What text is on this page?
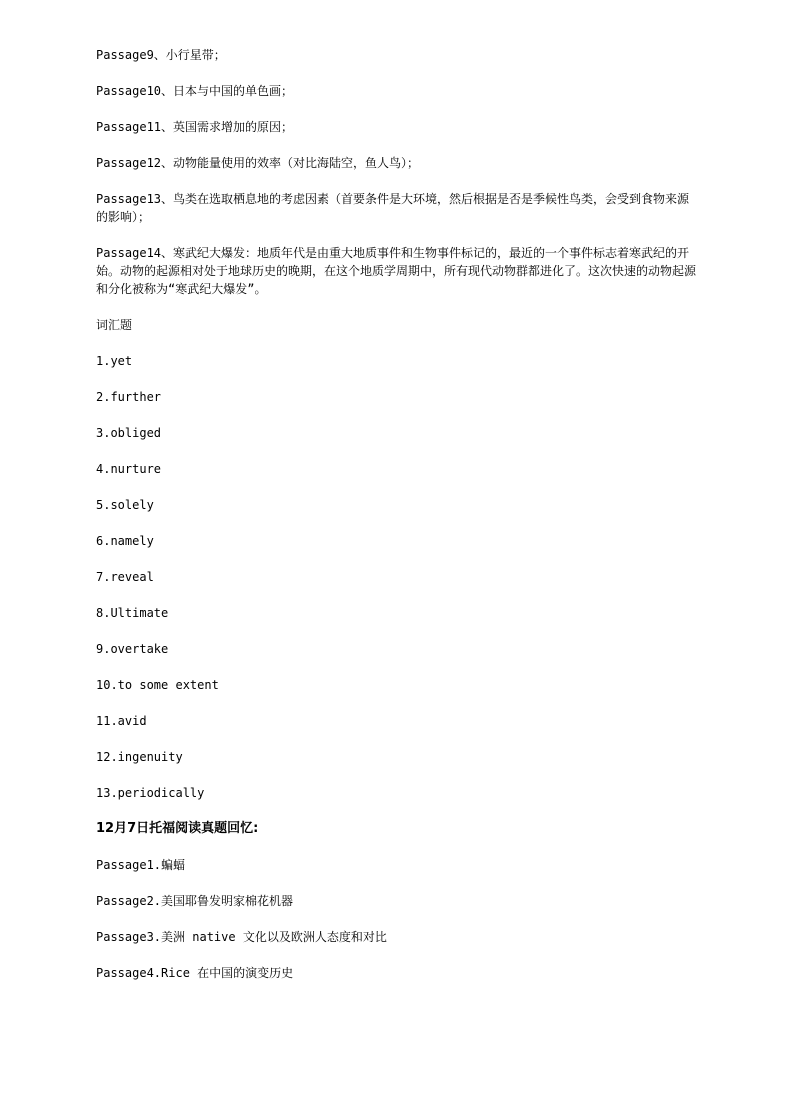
Passage9、小行星带；

Passage10、日本与中国的单色画；

Passage11、英国需求增加的原因；

Passage12、动物能量使用的效率（对比海陆空，鱼人鸟）；

Passage13、鸟类在选取栖息地的考虑因素（首要条件是大环境，然后根据是否是季候性鸟类，会受到食物来源的影响）；

Passage14、寒武纪大爆发：地质年代是由重大地质事件和生物事件标记的，最近的一个事件标志着寒武纪的开始。动物的起源相对处于地球历史的晚期，在这个地质学周期中，所有现代动物群都进化了。这次快速的动物起源和分化被称为“寒武纪大爆发”。

词汇题

1.yet

2.further

3.obliged

4.nurture

5.solely

6.namely

7.reveal

8.Ultimate

9.overtake

10.to some extent

11.avid

12.ingenuity

13.periodically

12月7日托福阅读真题回忆:

Passage1.蝙蝠

Passage2.美国耶鲁发明家棉花机器

Passage3.美洲 native 文化以及欧洲人态度和对比

Passage4.Rice 在中国的演变历史
